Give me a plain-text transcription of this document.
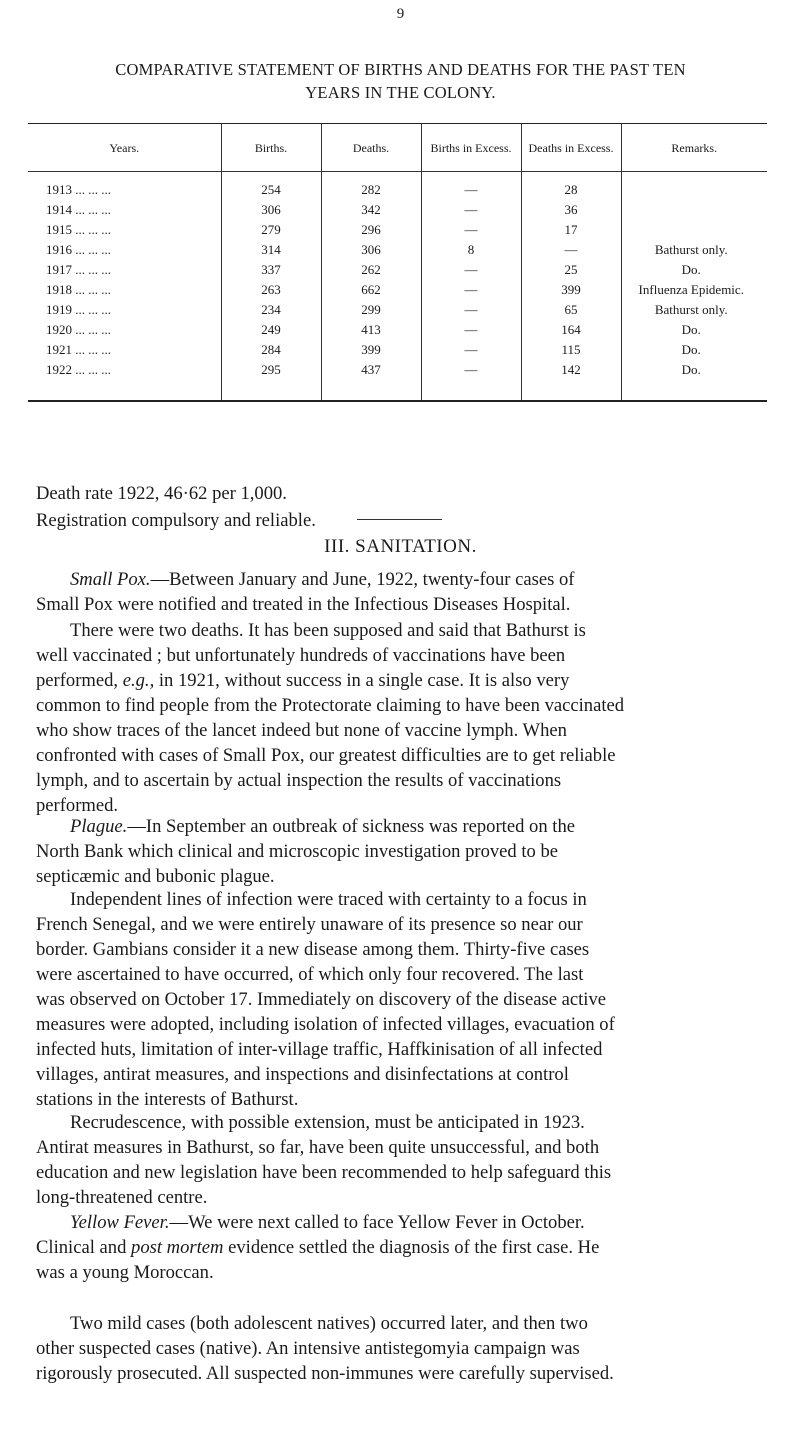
9
COMPARATIVE STATEMENT OF BIRTHS AND DEATHS FOR THE PAST TEN
YEARS IN THE COLONY.
Years.	Births.	Deaths.	Births in Excess.	Deaths in Excess.	Remarks.
1913 ... ... ...	254	282	—	28	
1914 ... ... ...	306	342	—	36	
1915 ... ... ...	279	296	—	17	
1916 ... ... ...	314	306	8	—	Bathurst only.
1917 ... ... ...	337	262	—	25	Do.
1918 ... ... ...	263	662	—	399	Influenza Epidemic.
1919 ... ... ...	234	299	—	65	Bathurst only.
1920 ... ... ...	249	413	—	164	Do.
1921 ... ... ...	284	399	—	115	Do.
1922 ... ... ...	295	437	—	142	Do.
Death rate 1922, 46·62 per 1,000.
Registration compulsory and reliable.
III. SANITATION.
Small Pox.—Between January and June, 1922, twenty-four cases of
Small Pox were notified and treated in the Infectious Diseases Hospital.
There were two deaths. It has been supposed and said that Bathurst is
well vaccinated ; but unfortunately hundreds of vaccinations have been
performed, e.g., in 1921, without success in a single case. It is also very
common to find people from the Protectorate claiming to have been vaccinated
who show traces of the lancet indeed but none of vaccine lymph. When
confronted with cases of Small Pox, our greatest difficulties are to get reliable
lymph, and to ascertain by actual inspection the results of vaccinations
performed.
Plague.—In September an outbreak of sickness was reported on the
North Bank which clinical and microscopic investigation proved to be
septicæmic and bubonic plague.
Independent lines of infection were traced with certainty to a focus in
French Senegal, and we were entirely unaware of its presence so near our
border. Gambians consider it a new disease among them. Thirty-five cases
were ascertained to have occurred, of which only four recovered. The last
was observed on October 17. Immediately on discovery of the disease active
measures were adopted, including isolation of infected villages, evacuation of
infected huts, limitation of inter-village traffic, Haffkinisation of all infected
villages, antirat measures, and inspections and disinfectations at control
stations in the interests of Bathurst.
Recrudescence, with possible extension, must be anticipated in 1923.
Antirat measures in Bathurst, so far, have been quite unsuccessful, and both
education and new legislation have been recommended to help safeguard this
long-threatened centre.
Yellow Fever.—We were next called to face Yellow Fever in October.
Clinical and post mortem evidence settled the diagnosis of the first case. He
was a young Moroccan.
Two mild cases (both adolescent natives) occurred later, and then two
other suspected cases (native). An intensive antistegomyia campaign was
rigorously prosecuted. All suspected non-immunes were carefully supervised.
